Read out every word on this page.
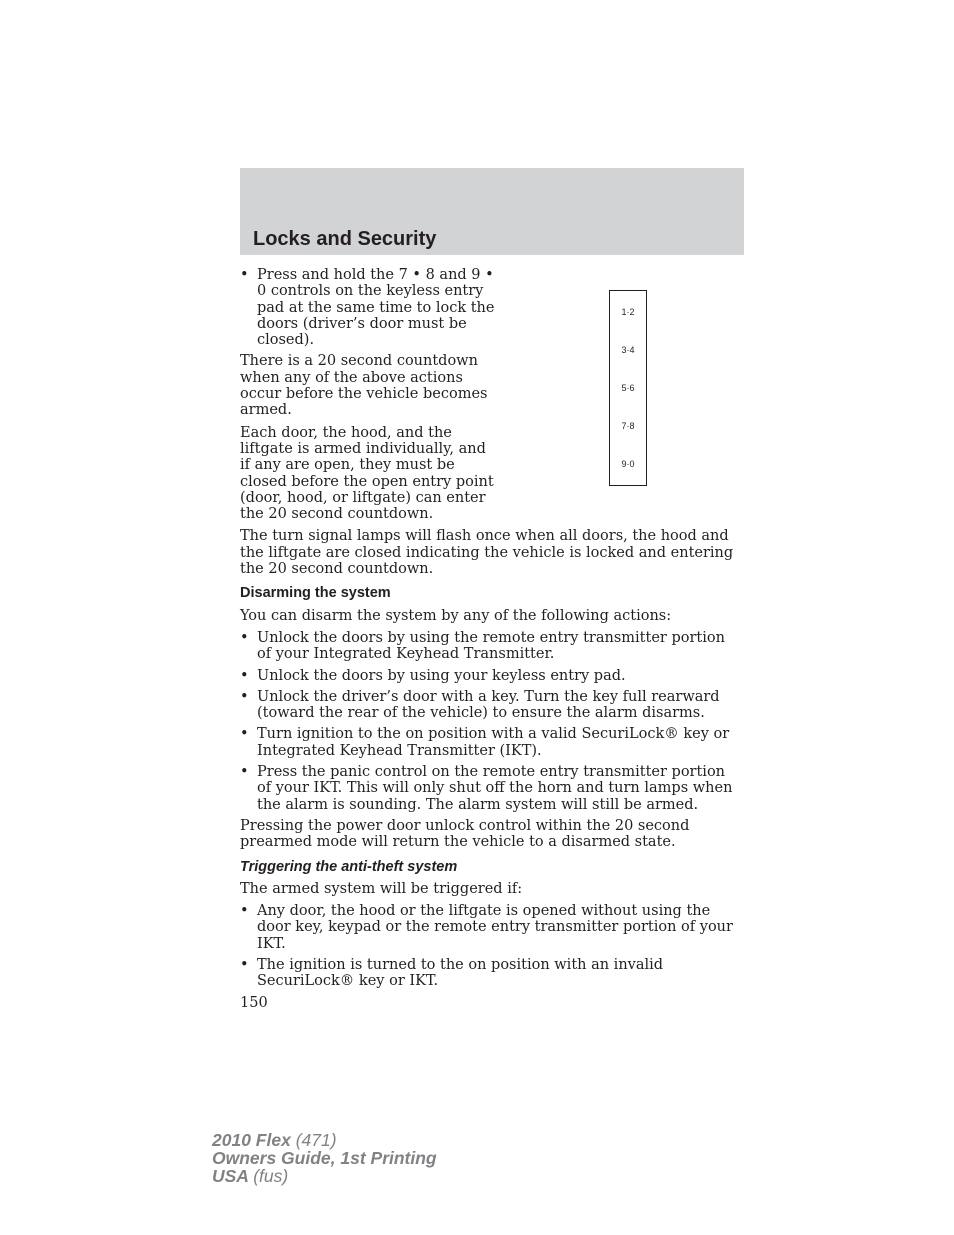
Locks and Security
1·2
3·4
5·6
7·8
9·0
• Press and hold the 7 • 8 and 9 • 0 controls on the keyless entry pad at the same time to lock the doors (driver’s door must be closed).

There is a 20 second countdown when any of the above actions occur before the vehicle becomes armed.

Each door, the hood, and the liftgate is armed individually, and if any are open, they must be closed before the open entry point (door, hood, or liftgate) can enter the 20 second countdown.

The turn signal lamps will flash once when all doors, the hood and the liftgate are closed indicating the vehicle is locked and entering the 20 second countdown.

Disarming the system

You can disarm the system by any of the following actions:

• Unlock the doors by using the remote entry transmitter portion of your Integrated Keyhead Transmitter.
• Unlock the doors by using your keyless entry pad.
• Unlock the driver’s door with a key. Turn the key full rearward (toward the rear of the vehicle) to ensure the alarm disarms.
• Turn ignition to the on position with a valid SecuriLock® key or Integrated Keyhead Transmitter (IKT).
• Press the panic control on the remote entry transmitter portion of your IKT. This will only shut off the horn and turn lamps when the alarm is sounding. The alarm system will still be armed.

Pressing the power door unlock control within the 20 second prearmed mode will return the vehicle to a disarmed state.

Triggering the anti-theft system

The armed system will be triggered if:

• Any door, the hood or the liftgate is opened without using the door key, keypad or the remote entry transmitter portion of your IKT.
• The ignition is turned to the on position with an invalid SecuriLock® key or IKT.
150
2010 Flex (471)
Owners Guide, 1st Printing
USA (fus)
